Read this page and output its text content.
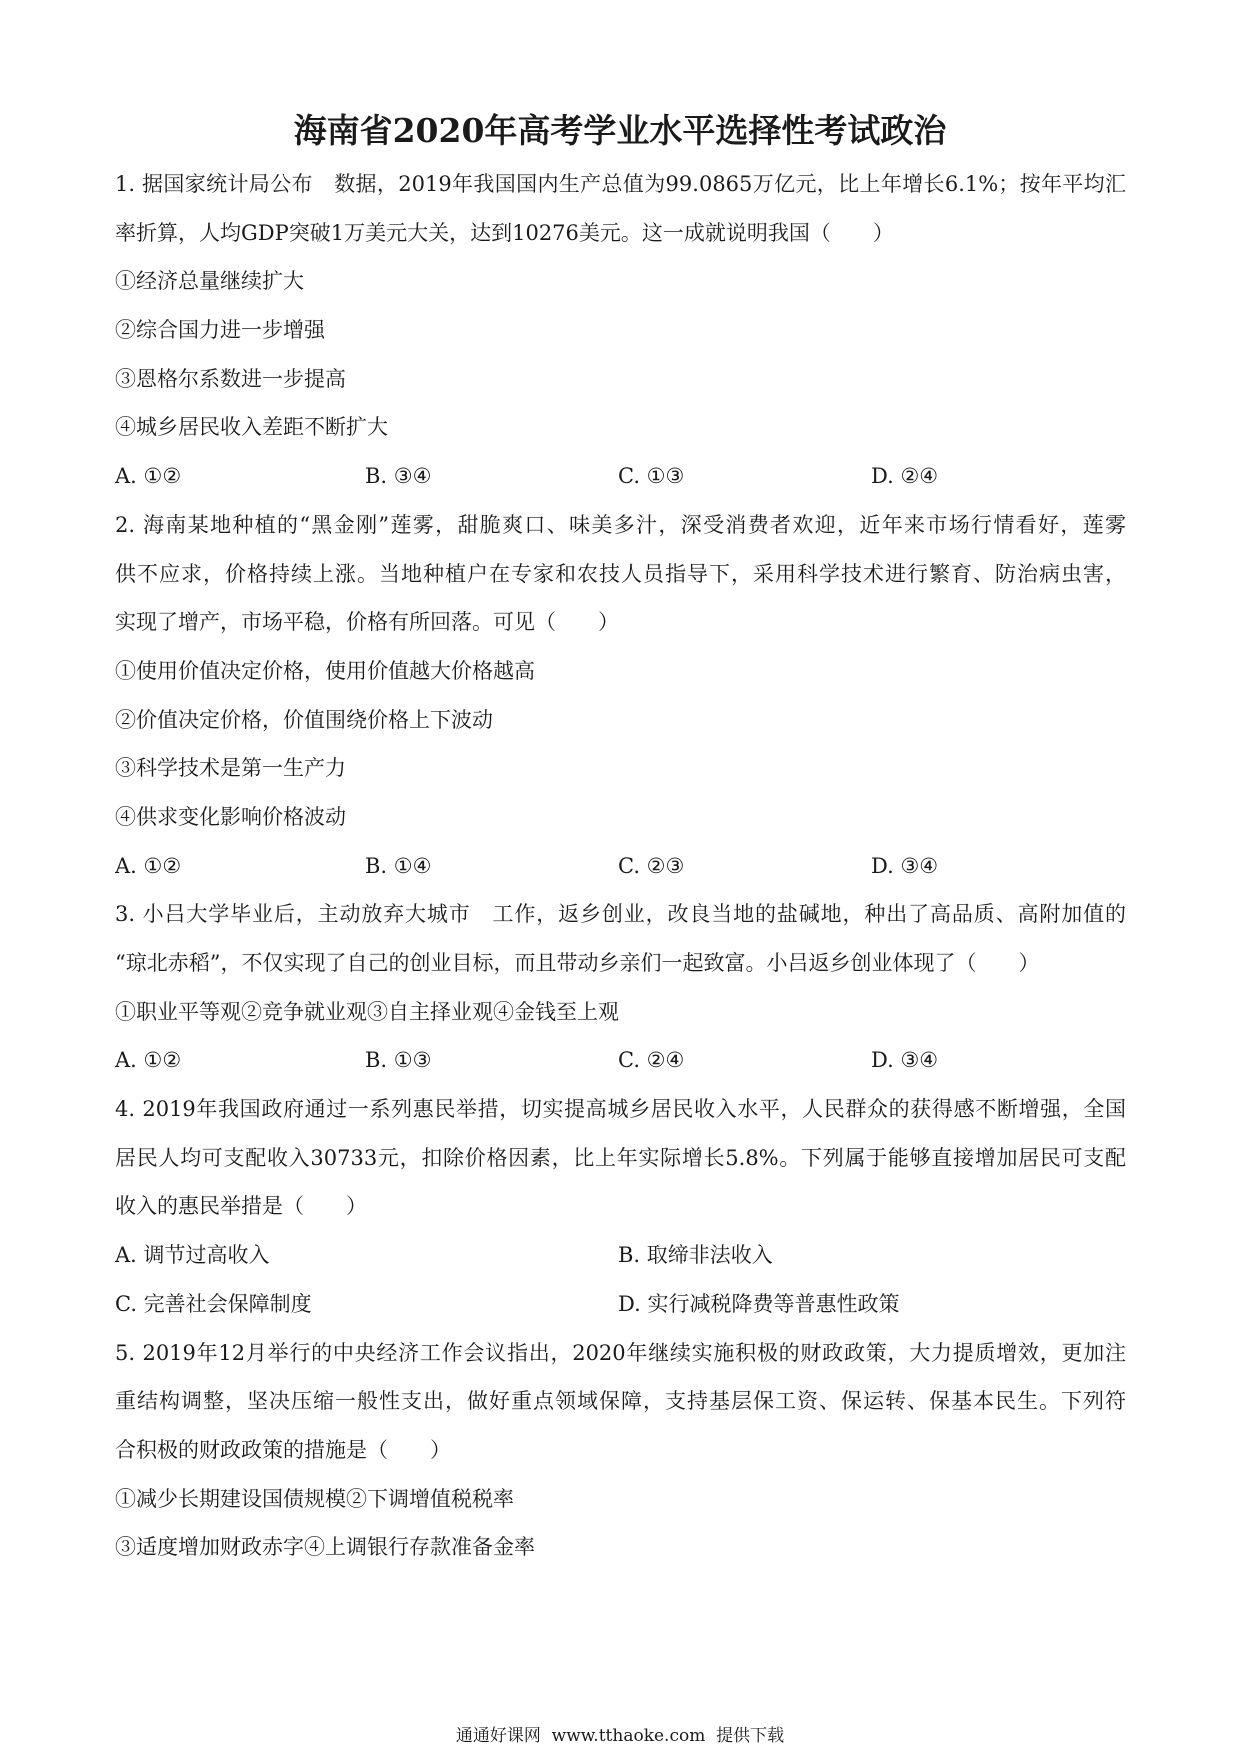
海南省2020年高考学业水平选择性考试政治
1. 据国家统计局公布　数据，2019年我国国内生产总值为99.0865万亿元，比上年增长6.1%；按年平均汇
率折算，人均GDP突破1万美元大关，达到10276美元。这一成就说明我国（　　）
①经济总量继续扩大
②综合国力进一步增强
③恩格尔系数进一步提高
④城乡居民收入差距不断扩大
A. ①②	B. ③④	C. ①③	D. ②④
2. 海南某地种植的“黑金刚”莲雾，甜脆爽口、味美多汁，深受消费者欢迎，近年来市场行情看好，莲雾
供不应求，价格持续上涨。当地种植户在专家和农技人员指导下，采用科学技术进行繁育、防治病虫害，
实现了增产，市场平稳，价格有所回落。可见（　　）
①使用价值决定价格，使用价值越大价格越高
②价值决定价格，价值围绕价格上下波动
③科学技术是第一生产力
④供求变化影响价格波动
A. ①②	B. ①④	C. ②③	D. ③④
3. 小吕大学毕业后，主动放弃大城市　工作，返乡创业，改良当地的盐碱地，种出了高品质、高附加值的
“琼北赤稻”，不仅实现了自己的创业目标，而且带动乡亲们一起致富。小吕返乡创业体现了（　　）
①职业平等观②竞争就业观③自主择业观④金钱至上观
A. ①②	B. ①③	C. ②④	D. ③④
4. 2019年我国政府通过一系列惠民举措，切实提高城乡居民收入水平，人民群众的获得感不断增强，全国
居民人均可支配收入30733元，扣除价格因素，比上年实际增长5.8%。下列属于能够直接增加居民可支配
收入的惠民举措是（　　）
A. 调节过高收入	B. 取缔非法收入
C. 完善社会保障制度	D. 实行减税降费等普惠性政策
5. 2019年12月举行的中央经济工作会议指出，2020年继续实施积极的财政政策，大力提质增效，更加注
重结构调整，坚决压缩一般性支出，做好重点领域保障，支持基层保工资、保运转、保基本民生。下列符
合积极的财政政策的措施是（　　）
①减少长期建设国债规模②下调增值税税率
③适度增加财政赤字④上调银行存款准备金率
通通好课网  www.tthaoke.com  提供下载
